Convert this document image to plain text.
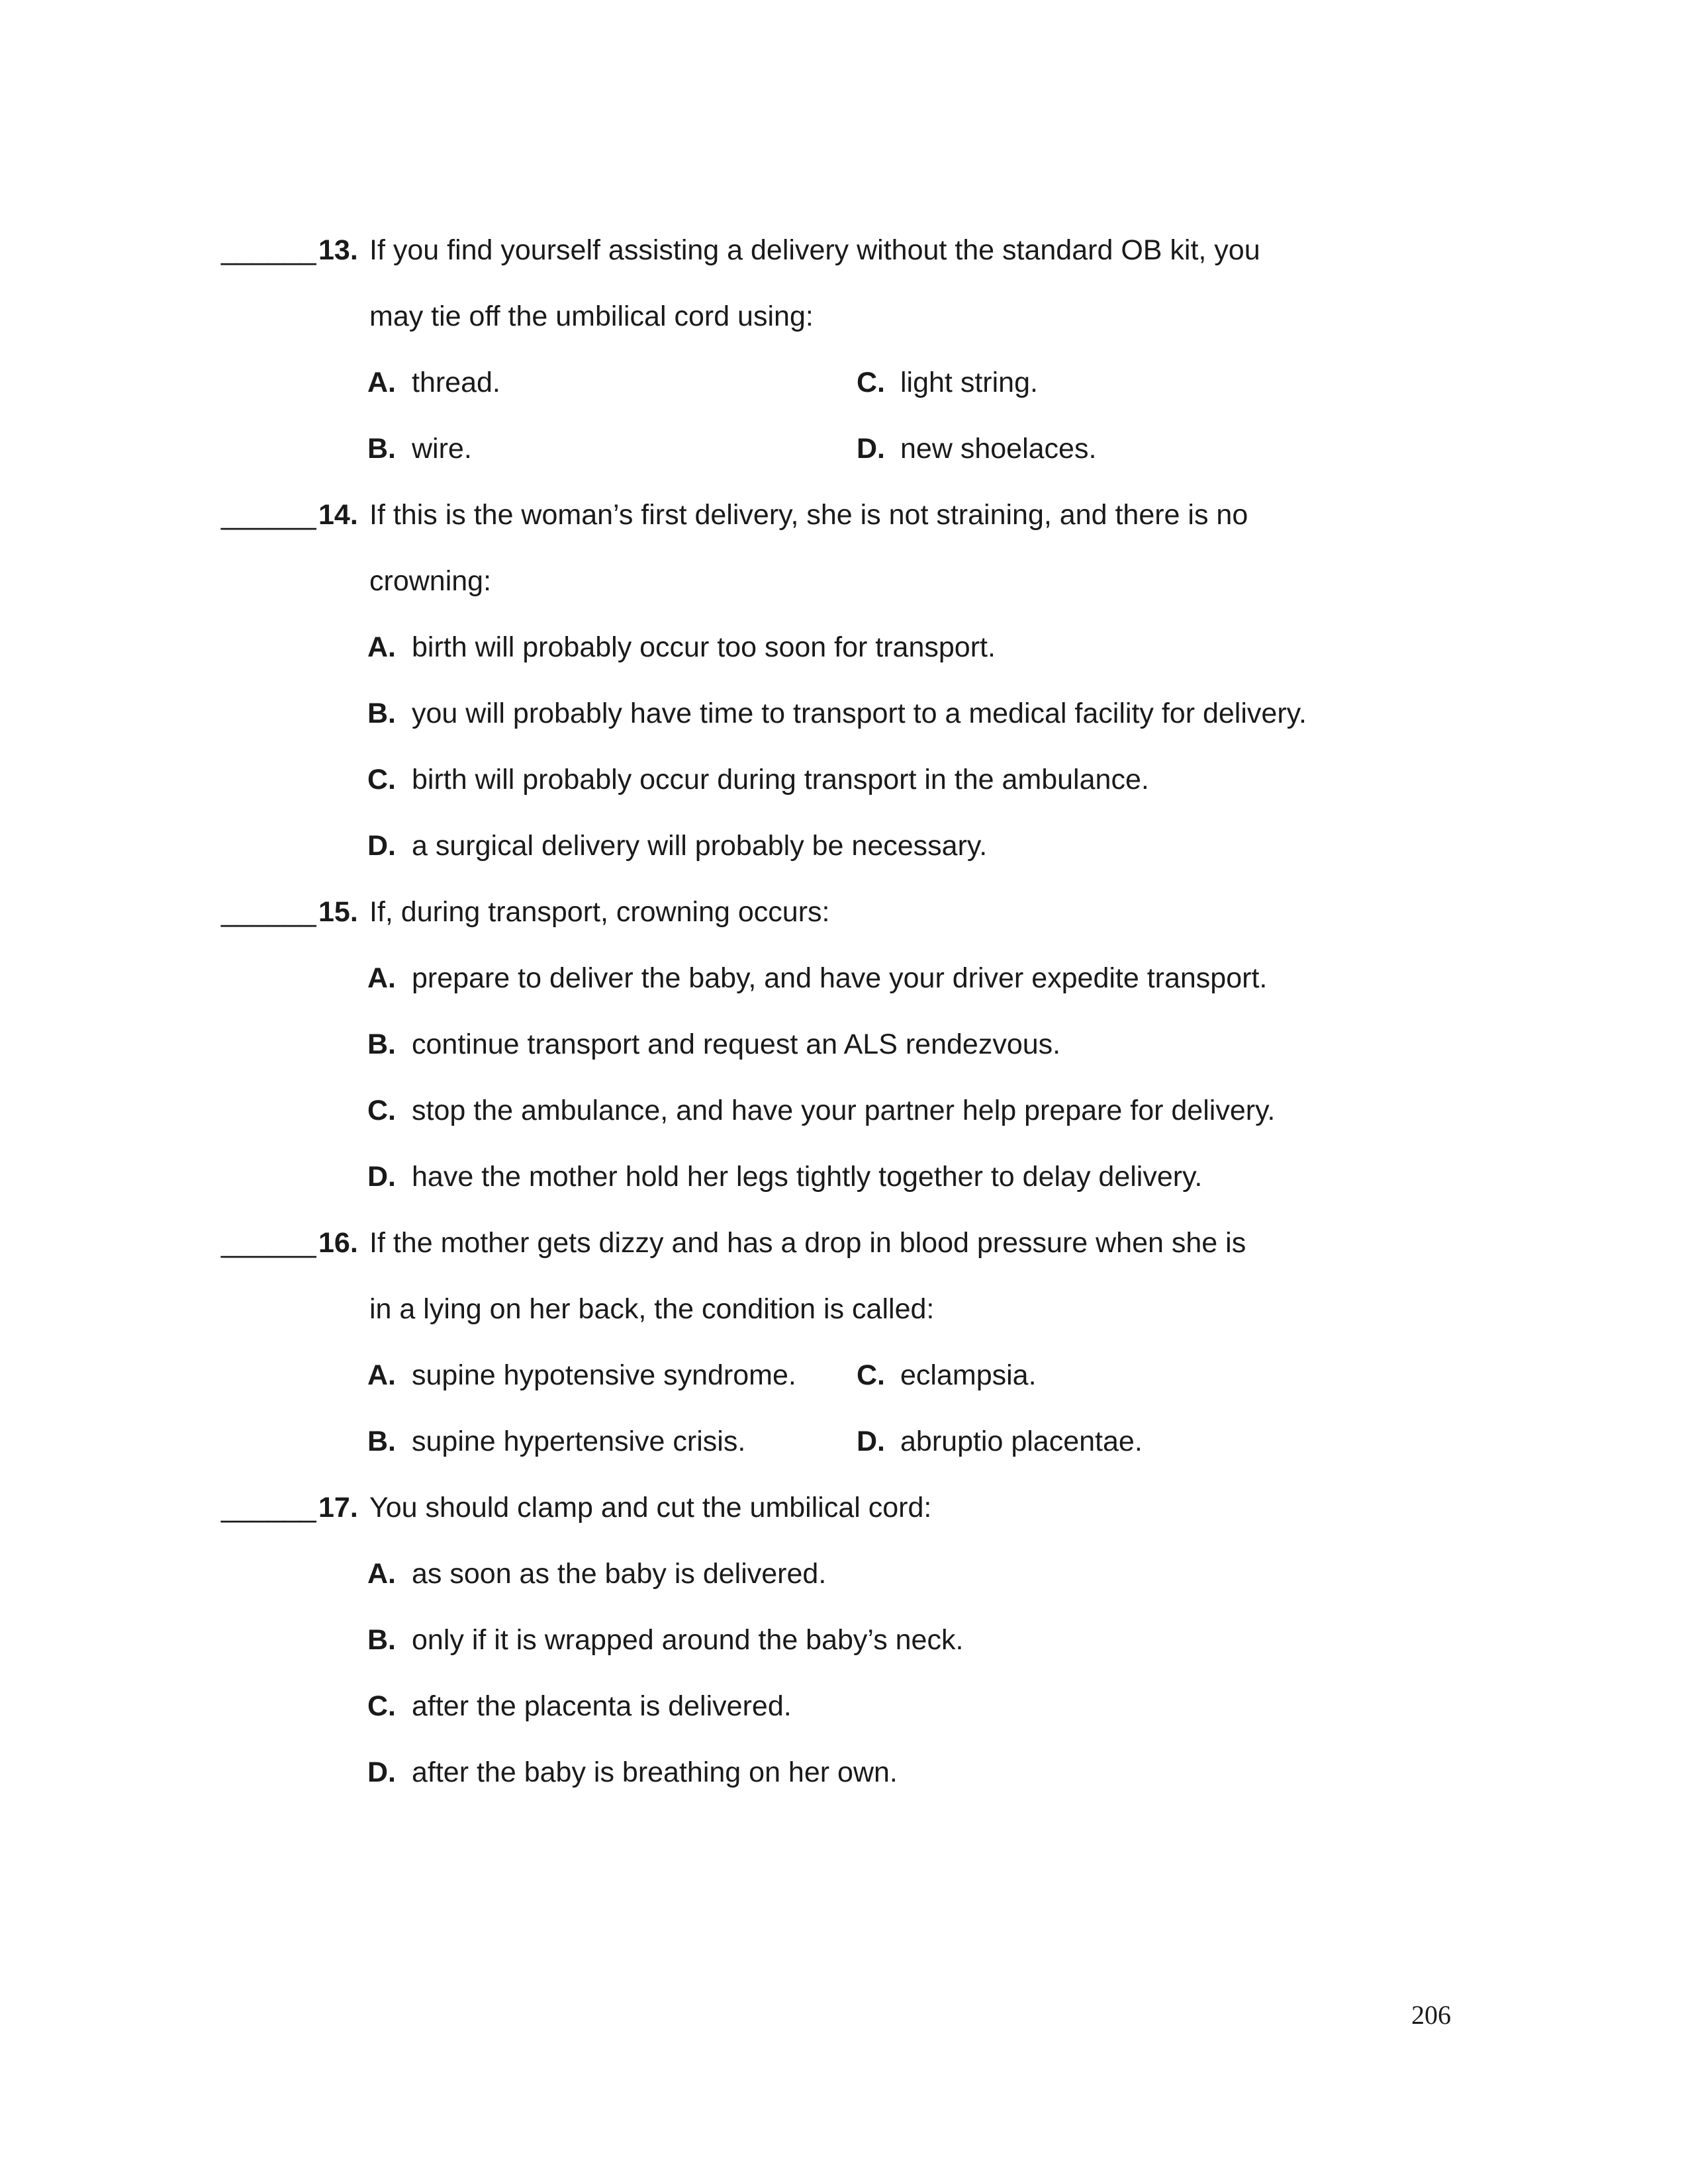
______ 13. If you find yourself assisting a delivery without the standard OB kit, you
may tie off the umbilical cord using:
A. thread.	C. light string.
B. wire.	D. new shoelaces.
______ 14. If this is the woman’s first delivery, she is not straining, and there is no
crowning:
A. birth will probably occur too soon for transport.
B. you will probably have time to transport to a medical facility for delivery.
C. birth will probably occur during transport in the ambulance.
D. a surgical delivery will probably be necessary.
______ 15. If, during transport, crowning occurs:
A. prepare to deliver the baby, and have your driver expedite transport.
B. continue transport and request an ALS rendezvous.
C. stop the ambulance, and have your partner help prepare for delivery.
D. have the mother hold her legs tightly together to delay delivery.
______ 16. If the mother gets dizzy and has a drop in blood pressure when she is
in a lying on her back, the condition is called:
A. supine hypotensive syndrome. C. eclampsia.
B. supine hypertensive crisis.	D. abruptio placentae.
______ 17. You should clamp and cut the umbilical cord:
A. as soon as the baby is delivered.
B. only if it is wrapped around the baby’s neck.
C. after the placenta is delivered.
D. after the baby is breathing on her own.
206
